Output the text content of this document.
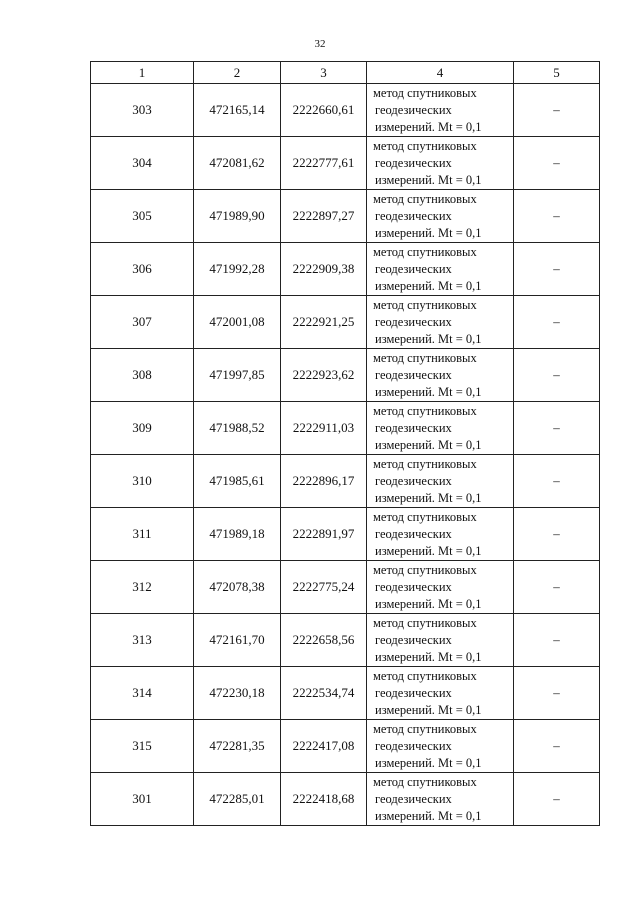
32
1	2	3	4	5
303	472165,14	2222660,61	метод спутниковых
геодезических
измерений. Mt = 0,1	–
304	472081,62	2222777,61	метод спутниковых
геодезических
измерений. Mt = 0,1	–
305	471989,90	2222897,27	метод спутниковых
геодезических
измерений. Mt = 0,1	–
306	471992,28	2222909,38	метод спутниковых
геодезических
измерений. Mt = 0,1	–
307	472001,08	2222921,25	метод спутниковых
геодезических
измерений. Mt = 0,1	–
308	471997,85	2222923,62	метод спутниковых
геодезических
измерений. Mt = 0,1	–
309	471988,52	2222911,03	метод спутниковых
геодезических
измерений. Mt = 0,1	–
310	471985,61	2222896,17	метод спутниковых
геодезических
измерений. Mt = 0,1	–
311	471989,18	2222891,97	метод спутниковых
геодезических
измерений. Mt = 0,1	–
312	472078,38	2222775,24	метод спутниковых
геодезических
измерений. Mt = 0,1	–
313	472161,70	2222658,56	метод спутниковых
геодезических
измерений. Mt = 0,1	–
314	472230,18	2222534,74	метод спутниковых
геодезических
измерений. Mt = 0,1	–
315	472281,35	2222417,08	метод спутниковых
геодезических
измерений. Mt = 0,1	–
301	472285,01	2222418,68	метод спутниковых
геодезических
измерений. Mt = 0,1	–
